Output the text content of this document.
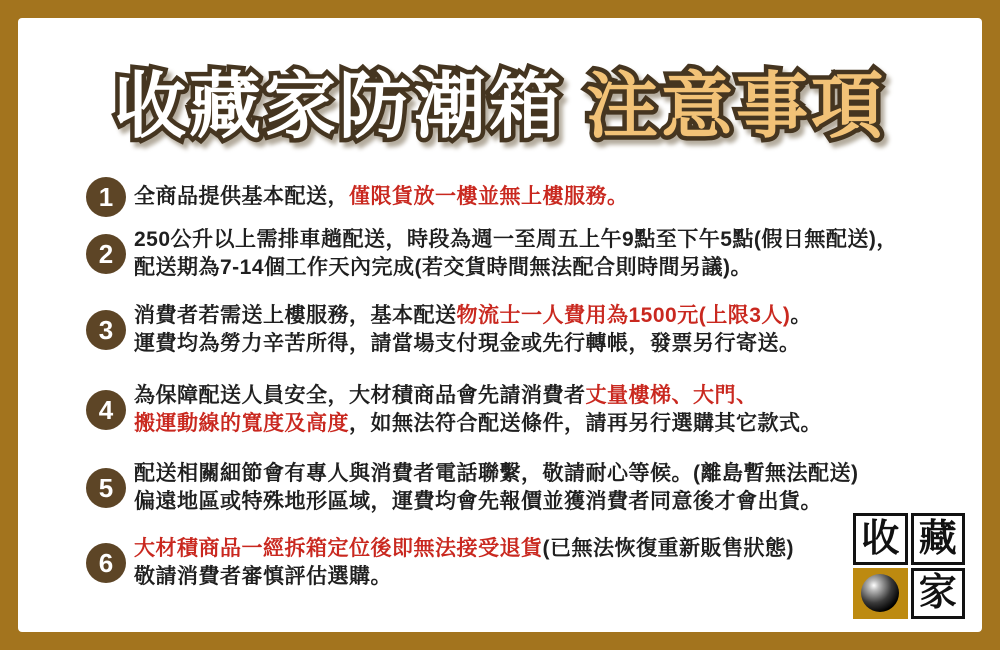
收藏家防潮箱 注意事項
1 全商品提供基本配送，僅限貨放一樓並無上樓服務。
2 250公升以上需排車趟配送，時段為週一至周五上午9點至下午5點(假日無配送)，
配送期為7-14個工作天內完成(若交貨時間無法配合則時間另議)。
3 消費者若需送上樓服務，基本配送物流士一人費用為1500元(上限3人)。
運費均為勞力辛苦所得，請當場支付現金或先行轉帳，發票另行寄送。
4 為保障配送人員安全，大材積商品會先請消費者丈量樓梯、大門、
搬運動線的寬度及高度，如無法符合配送條件，請再另行選購其它款式。
5 配送相關細節會有專人與消費者電話聯繫，敬請耐心等候。(離島暫無法配送)
偏遠地區或特殊地形區域，運費均會先報價並獲消費者同意後才會出貨。
6 大材積商品一經拆箱定位後即無法接受退貨(已無法恢復重新販售狀態)
敬請消費者審慎評估選購。
收 藏
家
